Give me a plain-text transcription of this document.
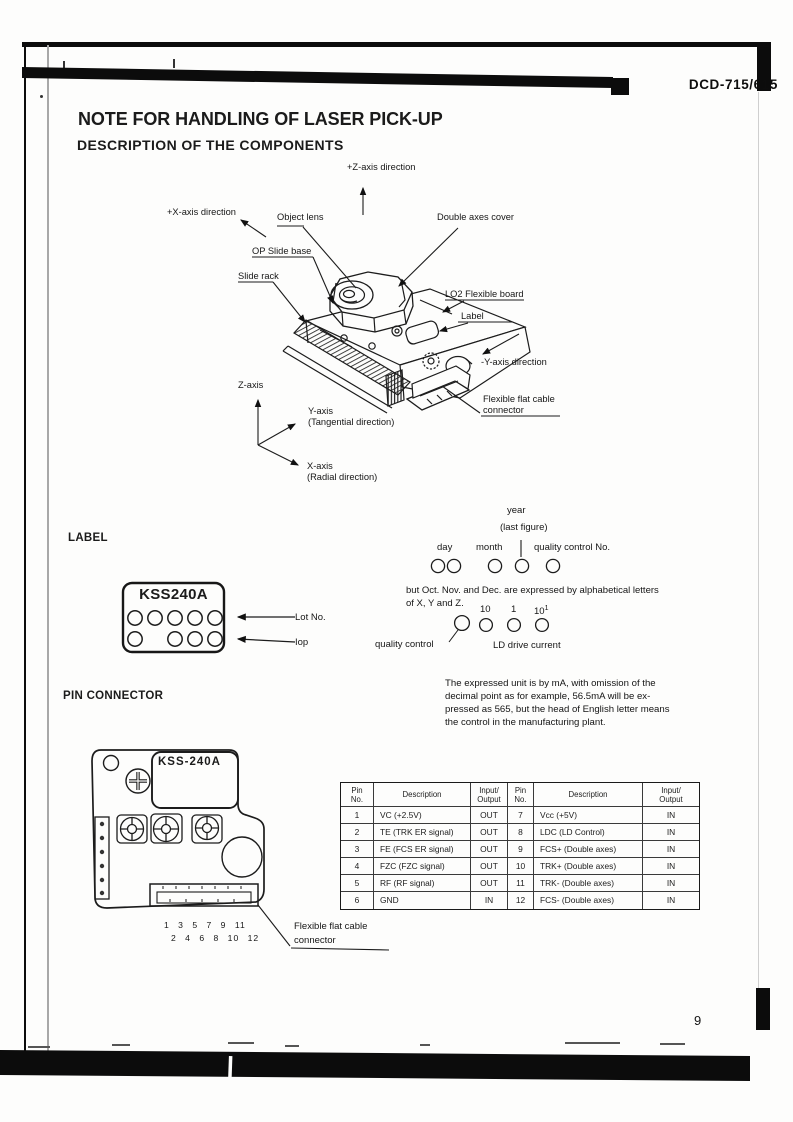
DCD-715/615
NOTE FOR HANDLING OF LASER PICK-UP
DESCRIPTION OF THE COMPONENTS
LABEL
PIN CONNECTOR
+Z-axis direction
+X-axis direction	Object lens	Double axes cover
OP Slide base
Slide rack
LO2 Flexible board
Label
-Y-axis direction
Flexible flat cable
connector
Z-axis
Y-axis
(Tangential direction)
X-axis
(Radial direction)
KSS240A
Lot No.
Iop
year
(last figure)
day month	quality control No.
but Oct. Nov. and Dec. are expressed by alphabetical letters
of X, Y and Z.
10 1 $10^1$
quality control	LD drive current
The expressed unit is by mA, with omission of the
decimal point as for example, 56.5mA will be ex-
pressed as 565, but the head of English letter means
the control in the manufacturing plant.
KSS-240A
1 3 5 7 9 11
2 4 6 8 10 12
Flexible flat cable
connector
Pin
No.	Description	Input/
Output
Pin
No.	Description	Input/
Output
1	VC (+2.5V)	OUT	7	Vcc (+5V)	IN
2	TE (TRK ER signal)	OUT	8	LDC (LD Control)	IN
3	FE (FCS ER signal)	OUT	9	FCS+ (Double axes)	IN
4	FZC (FZC signal)	OUT	10	TRK+ (Double axes)	IN
5	RF (RF signal)	OUT	11	TRK- (Double axes)	IN
6	GND	IN	12	FCS- (Double axes)	IN
9
